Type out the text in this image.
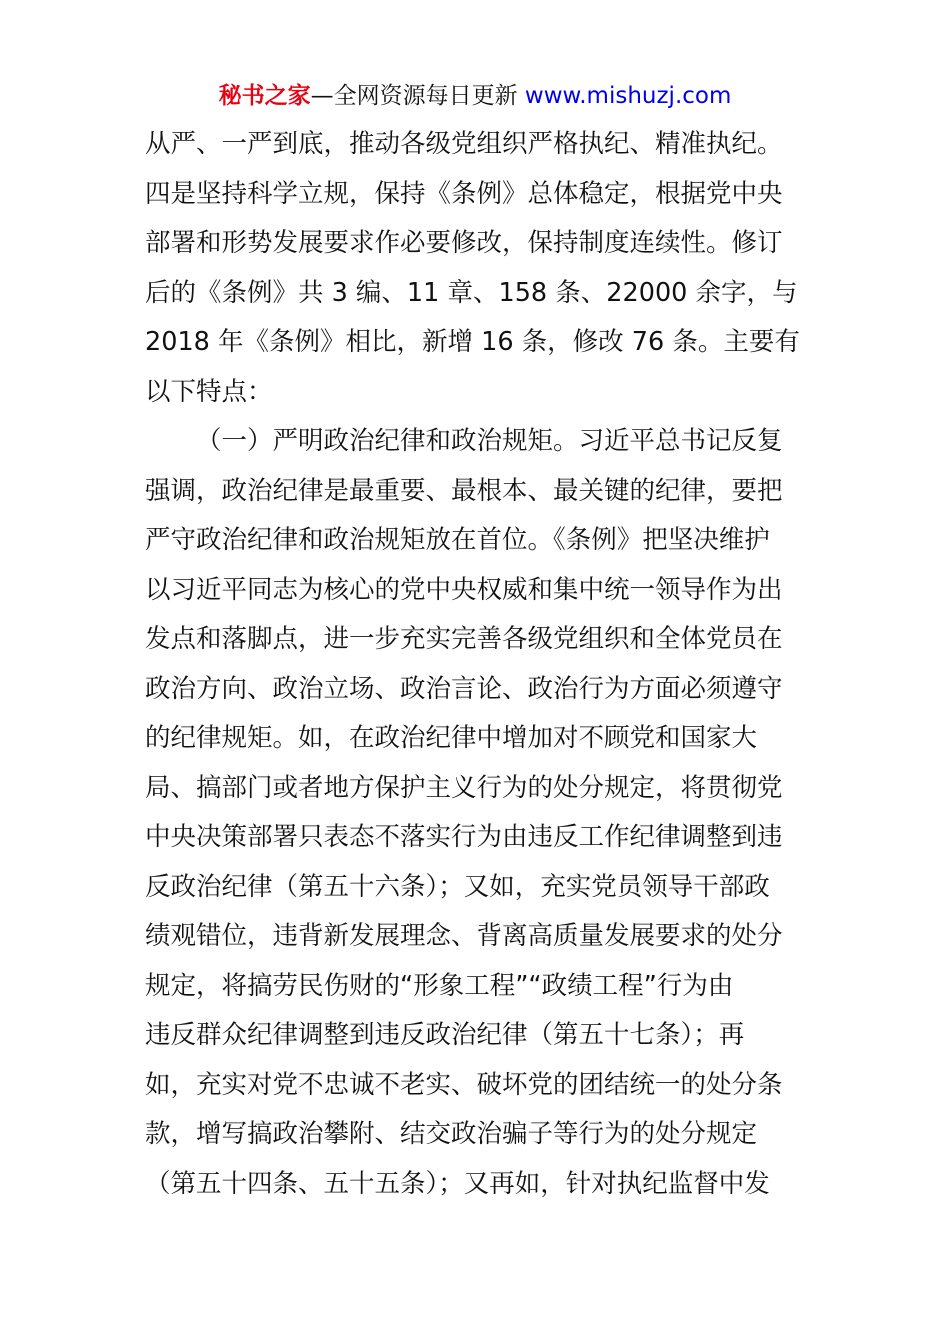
秘书之家—全网资源每日更新 www.mishuzj.com
从严、一严到底，推动各级党组织严格执纪、精准执纪。
四是坚持科学立规，保持《条例》总体稳定，根据党中央
部署和形势发展要求作必要修改，保持制度连续性。修订
后的《条例》共 3 编、11 章、158 条、22000 余字，与
2018 年《条例》相比，新增 16 条，修改 76 条。主要有
以下特点：
（一）严明政治纪律和政治规矩。习近平总书记反复
强调，政治纪律是最重要、最根本、最关键的纪律，要把
严守政治纪律和政治规矩放在首位。《条例》把坚决维护
以习近平同志为核心的党中央权威和集中统一领导作为出
发点和落脚点，进一步充实完善各级党组织和全体党员在
政治方向、政治立场、政治言论、政治行为方面必须遵守
的纪律规矩。如，在政治纪律中增加对不顾党和国家大
局、搞部门或者地方保护主义行为的处分规定，将贯彻党
中央决策部署只表态不落实行为由违反工作纪律调整到违
反政治纪律（第五十六条）；又如，充实党员领导干部政
绩观错位，违背新发展理念、背离高质量发展要求的处分
规定，将搞劳民伤财的“形象工程”“政绩工程”行为由
违反群众纪律调整到违反政治纪律（第五十七条）；再
如，充实对党不忠诚不老实、破坏党的团结统一的处分条
款，增写搞政治攀附、结交政治骗子等行为的处分规定
（第五十四条、五十五条）；又再如，针对执纪监督中发
